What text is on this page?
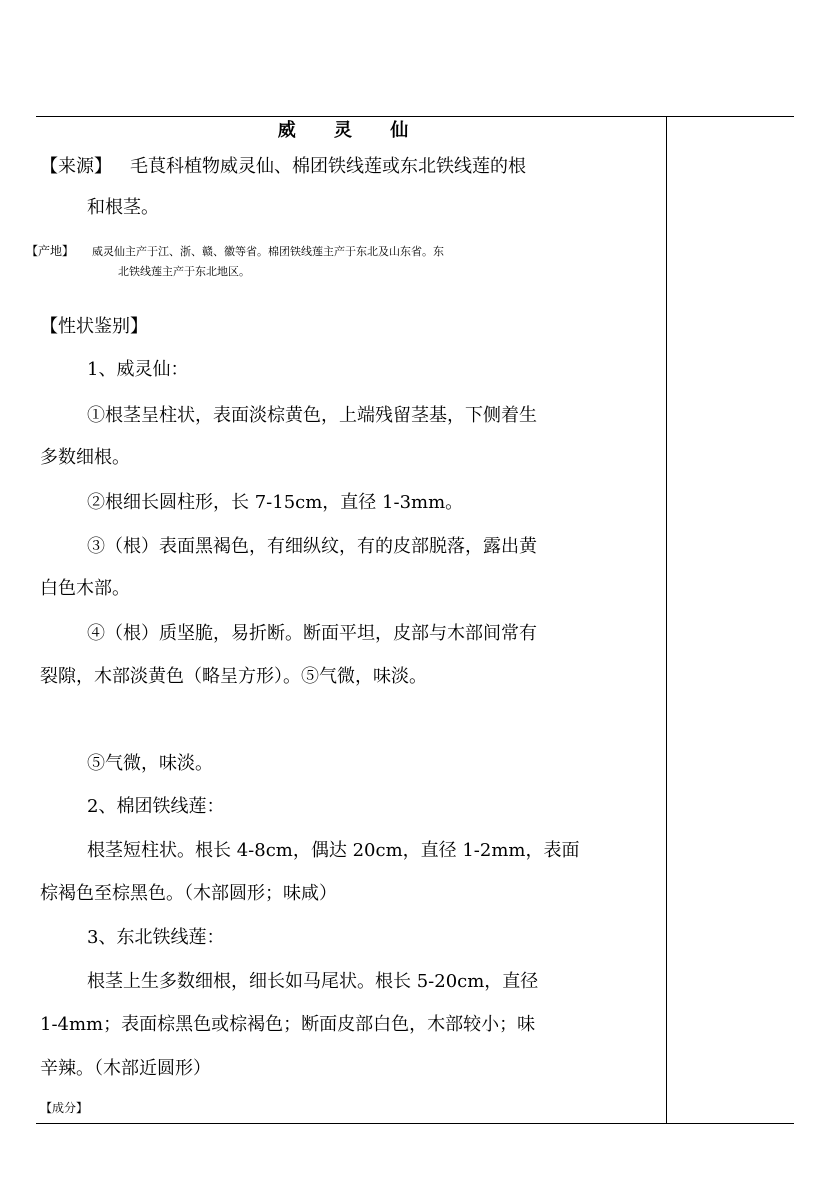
威 灵 仙
【来源】 毛茛科植物威灵仙、棉团铁线莲或东北铁线莲的根
和根茎。
【产地】 威灵仙主产于江、浙、赣、徽等省。棉团铁线莲主产于东北及山东省。东
北铁线莲主产于东北地区。
【性状鉴别】
1、威灵仙：
①根茎呈柱状，表面淡棕黄色，上端残留茎基，下侧着生
多数细根。
②根细长圆柱形，长 7-15cm，直径 1-3mm。
③（根）表面黑褐色，有细纵纹，有的皮部脱落，露出黄
白色木部。
④（根）质坚脆，易折断。断面平坦，皮部与木部间常有
裂隙，木部淡黄色（略呈方形）。⑤气微，味淡。
⑤气微，味淡。
2、棉团铁线莲：
根茎短柱状。根长 4-8cm，偶达 20cm，直径 1-2mm，表面
棕褐色至棕黑色。（木部圆形；味咸）
3、东北铁线莲：
根茎上生多数细根，细长如马尾状。根长 5-20cm，直径
1-4mm；表面棕黑色或棕褐色；断面皮部白色，木部较小；味
辛辣。（木部近圆形）
【成分】
